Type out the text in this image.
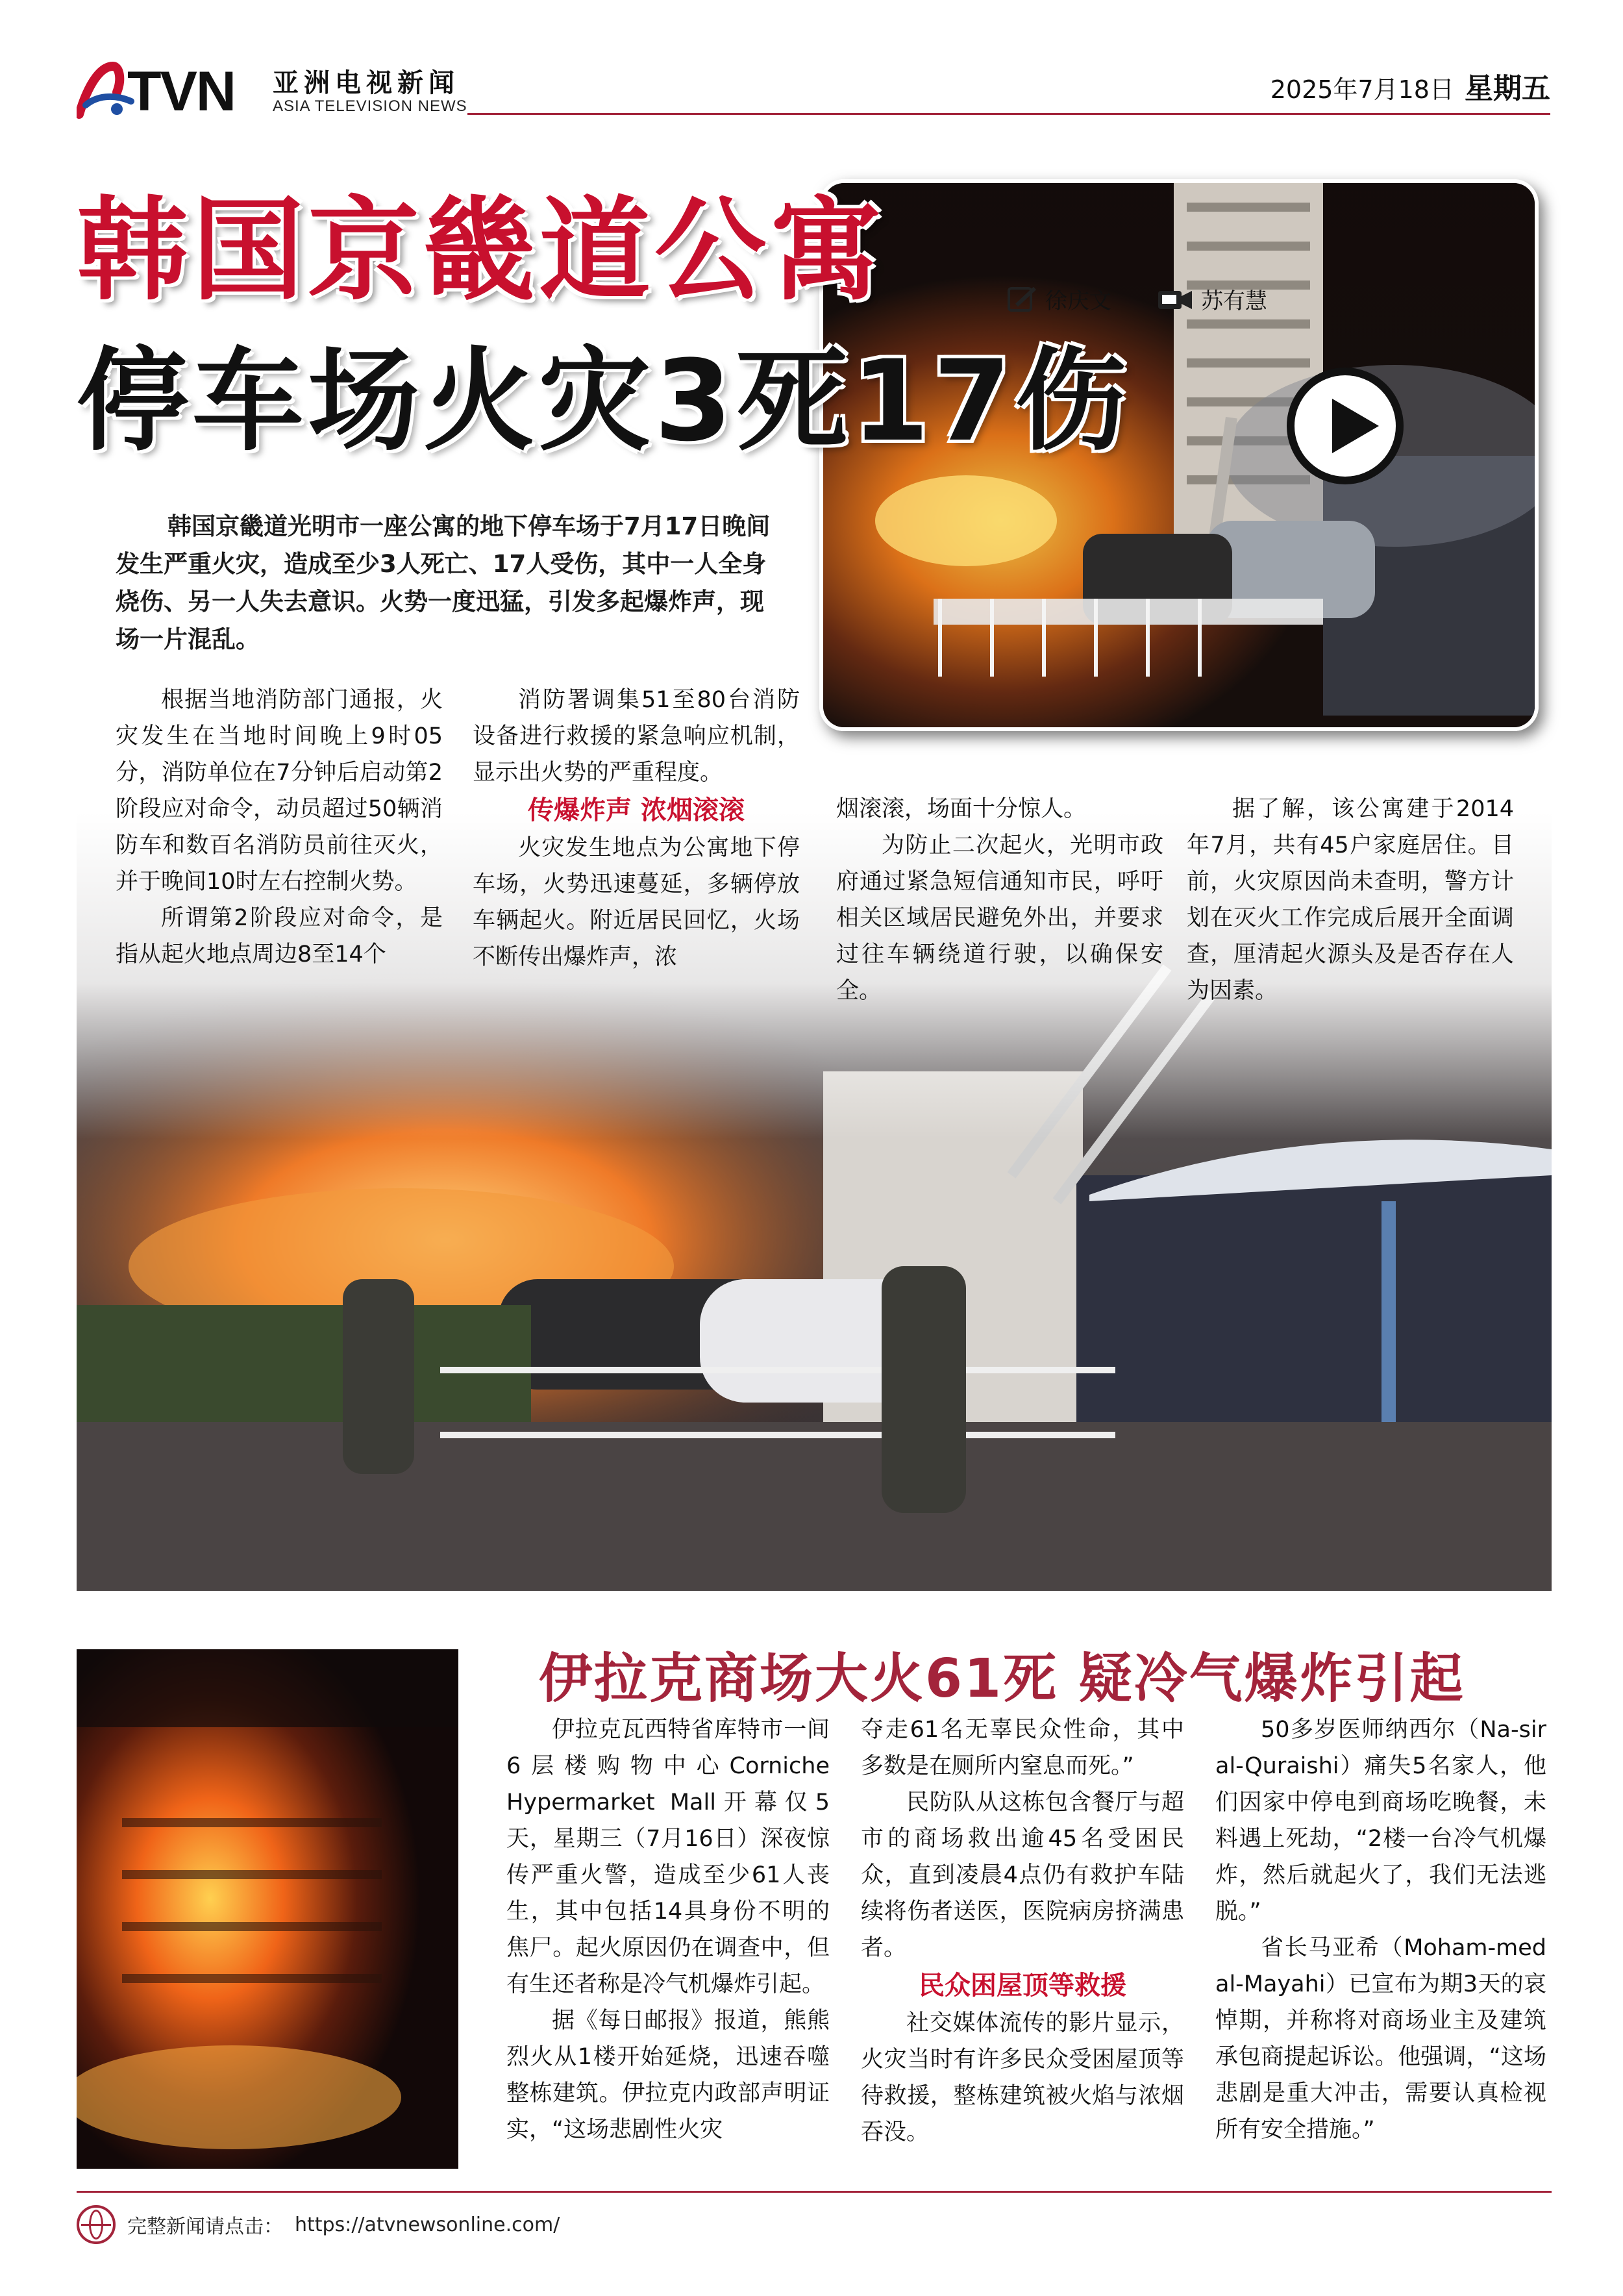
TVN 亚洲电视新闻
ASIA TELEVISION NEWS
2025年7月18日 星期五
韩国京畿道公寓
停车场火灾3死17伤
徐庆文	苏有慧
韩国京畿道光明市一座公寓的地下停车场于7月17日晚间发生严重火灾，造成至少3人死亡、17人受伤，其中一人全身烧伤、另一人失去意识。火势一度迅猛，引发多起爆炸声，现场一片混乱。

根据当地消防部门通报，火灾发生在当地时间晚上9时05分，消防单位在7分钟后启动第2阶段应对命令，动员超过50辆消防车和数百名消防员前往灭火，并于晚间10时左右控制火势。

所谓第2阶段应对命令，是指从起火地点周边8至14个

消防署调集51至80台消防设备进行救援的紧急响应机制，显示出火势的严重程度。

传爆炸声 浓烟滚滚

火灾发生地点为公寓地下停车场，火势迅速蔓延，多辆停放车辆起火。附近居民回忆，火场不断传出爆炸声，浓

烟滚滚，场面十分惊人。

为防止二次起火，光明市政府通过紧急短信通知市民，呼吁相关区域居民避免外出，并要求过往车辆绕道行驶，以确保安全。

据了解，该公寓建于2014年7月，共有45户家庭居住。目前，火灾原因尚未查明，警方计划在灭火工作完成后展开全面调查，厘清起火源头及是否存在人为因素。

伊拉克商场大火61死 疑冷气爆炸引起

伊拉克瓦西特省库特市一间6层楼购物中心Corniche Hypermarket Mall开幕仅5天，星期三（7月16日）深夜惊传严重火警，造成至少61人丧生，其中包括14具身份不明的焦尸。起火原因仍在调查中，但有生还者称是冷气机爆炸引起。

据《每日邮报》报道，熊熊烈火从1楼开始延烧，迅速吞噬整栋建筑。伊拉克内政部声明证实，“这场悲剧性火灾

夺走61名无辜民众性命，其中多数是在厕所内窒息而死。”

民防队从这栋包含餐厅与超市的商场救出逾45名受困民众，直到凌晨4点仍有救护车陆续将伤者送医，医院病房挤满患者。

民众困屋顶等救援

社交媒体流传的影片显示，火灾当时有许多民众受困屋顶等待救援，整栋建筑被火焰与浓烟吞没。

50多岁医师纳西尔（Na-sir al-Quraishi）痛失5名家人，他们因家中停电到商场吃晚餐，未料遇上死劫，“2楼一台冷气机爆炸，然后就起火了，我们无法逃脱。”

省长马亚希（Moham-med al-Mayahi）已宣布为期3天的哀悼期，并称将对商场业主及建筑承包商提起诉讼。他强调，“这场悲剧是重大冲击，需要认真检视所有安全措施。”

完整新闻请点击： https://atvnewsonline.com/
